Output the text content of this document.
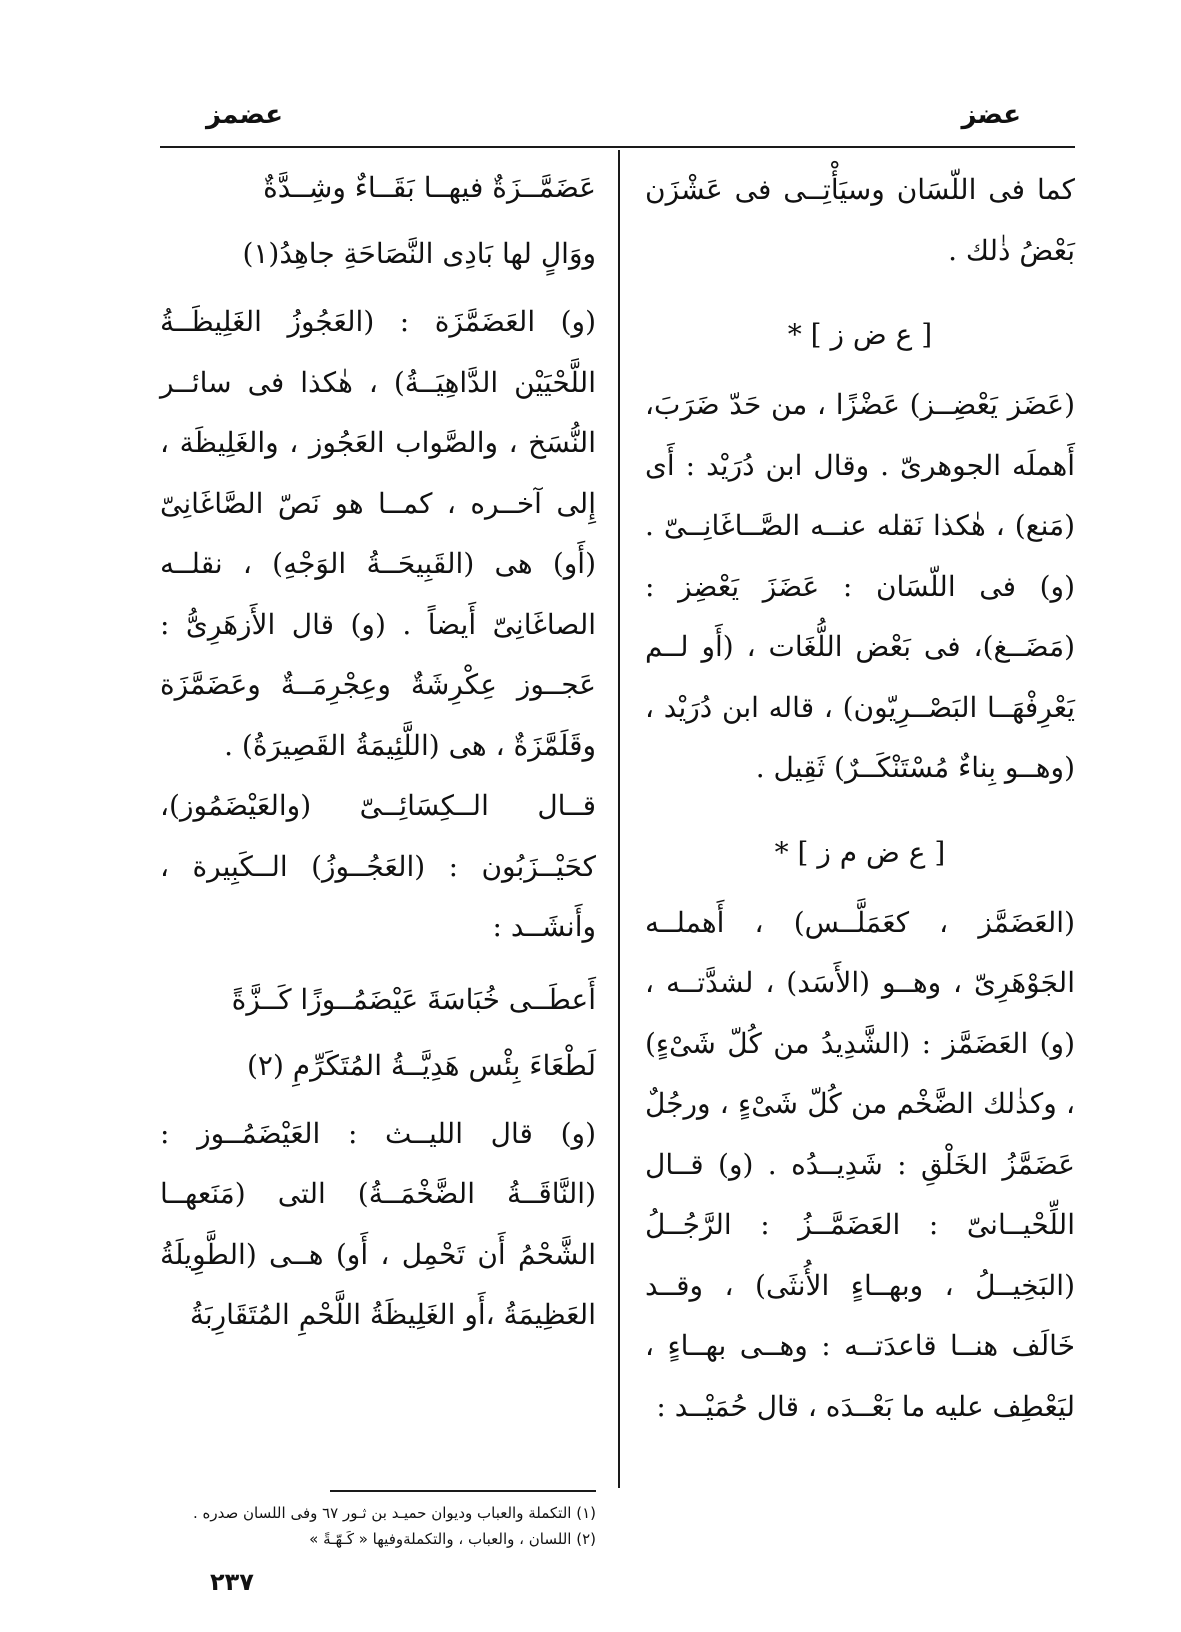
عضز
عضمز

كما فى اللّسَان وسيَأْتِــى فى عَشْزَن بَعْضُ ذٰلك .

[ ع ض ز ] *

(عَضَز يَعْضِــز) عَضْزًا ، من حَدّ ضَرَبَ، أَهملَه الجوهرىّ . وقال ابن دُرَيْد : أَى (مَنع) ، هٰكذا نَقله عنــه الصَّــاغَانِــىّ . (و) فى اللّسَان : عَضَزَ يَعْضِز : (مَضَــغ)، فى بَعْض اللُّغَات ، (أَو لــم يَعْرِفْهَــا البَصْــرِيّون) ، قاله ابن دُرَيْد ، (وهــو بِناءٌ مُسْتَنْكَــرٌ) ثَقِيل .

[ ع ض م ز ] *

(العَضَمَّز ، كعَمَلَّــس) ، أَهملــه الجَوْهَرِىّ ، وهــو (الأَسَد) ، لشدَّتــه ، (و) العَضَمَّز : (الشَّدِيدُ من كُلّ شَىْءٍ) ، وكذٰلك الضَّخْم من كُلّ شَىْءٍ ، ورجُلٌ عَضَمَّزُ الخَلْقِ : شَدِيــدُه . (و) قــال اللِّحْيــانىّ : العَضَمَّــزُ : الرَّجُــلُ (البَخِيــلُ ، وبهــاءٍ الأُنثَى) ، وقــد خَالَف هنــا قاعدَتــه : وهــى بهــاءٍ ، ليَعْطِف عليه ما بَعْــدَه ، قال حُمَيْــد :

عَضَمَّــزَةٌ فيهــا بَقَــاءٌ وشِــدَّةٌ

ووَالٍ لها بَادِى النَّصَاحَةِ جاهِدُ(١)

(و) العَضَمَّزَة : (العَجُوزُ الغَلِيظَــةُ اللَّحْيَيْن الدَّاهِيَــةُ) ، هٰكذا فى سائــر النُّسَخ ، والصَّواب العَجُوز ، والغَلِيظَة ، إِلى آخــره ، كمــا هو نَصّ الصَّاغَانِىّ (أَو) هى (القَبِيحَــةُ الوَجْهِ) ، نقلــه الصاغَانِىّ أَيضاً . (و) قال الأَزهَرِىُّ : عَجــوز عِكْرِشَةٌ وعِجْرِمَــةٌ وعَضَمَّزَة وقَلَمَّزَةٌ ، هى (اللَّئِيمَةُ القَصِيرَةُ) .

قــال الــكِسَائِــىّ (والعَيْضَمُوز)، كحَيْــزَبُون : (العَجُــوزُ) الــكَبِيرة ، وأَنشَــد :

أَعطَــى خُبَاسَةَ عَيْضَمُــوزًا كَــزَّةً

لَطْعَاءَ بِئْس هَدِيَّــةُ المُتَكَرِّمِ (٢)

(و) قال الليــث : العَيْضَمُــوز : (النَّاقَــةُ الضَّخْمَــةُ) التى (مَنَعهــا الشَّحْمُ أَن تَحْمِل ، أَو) هــى (الطَّوِيلَةُ العَظِيمَةُ ،أَو الغَلِيظَةُ اللَّحْمِ المُتَقَارِبَةُ

(١) التكملة والعباب وديوان حميـد بن ثـور ٦٧ وفى اللسان صدره .

(٢) اللسان ، والعباب ، والتكملةوفيها « كَـهّـةً »

٢٣٧
